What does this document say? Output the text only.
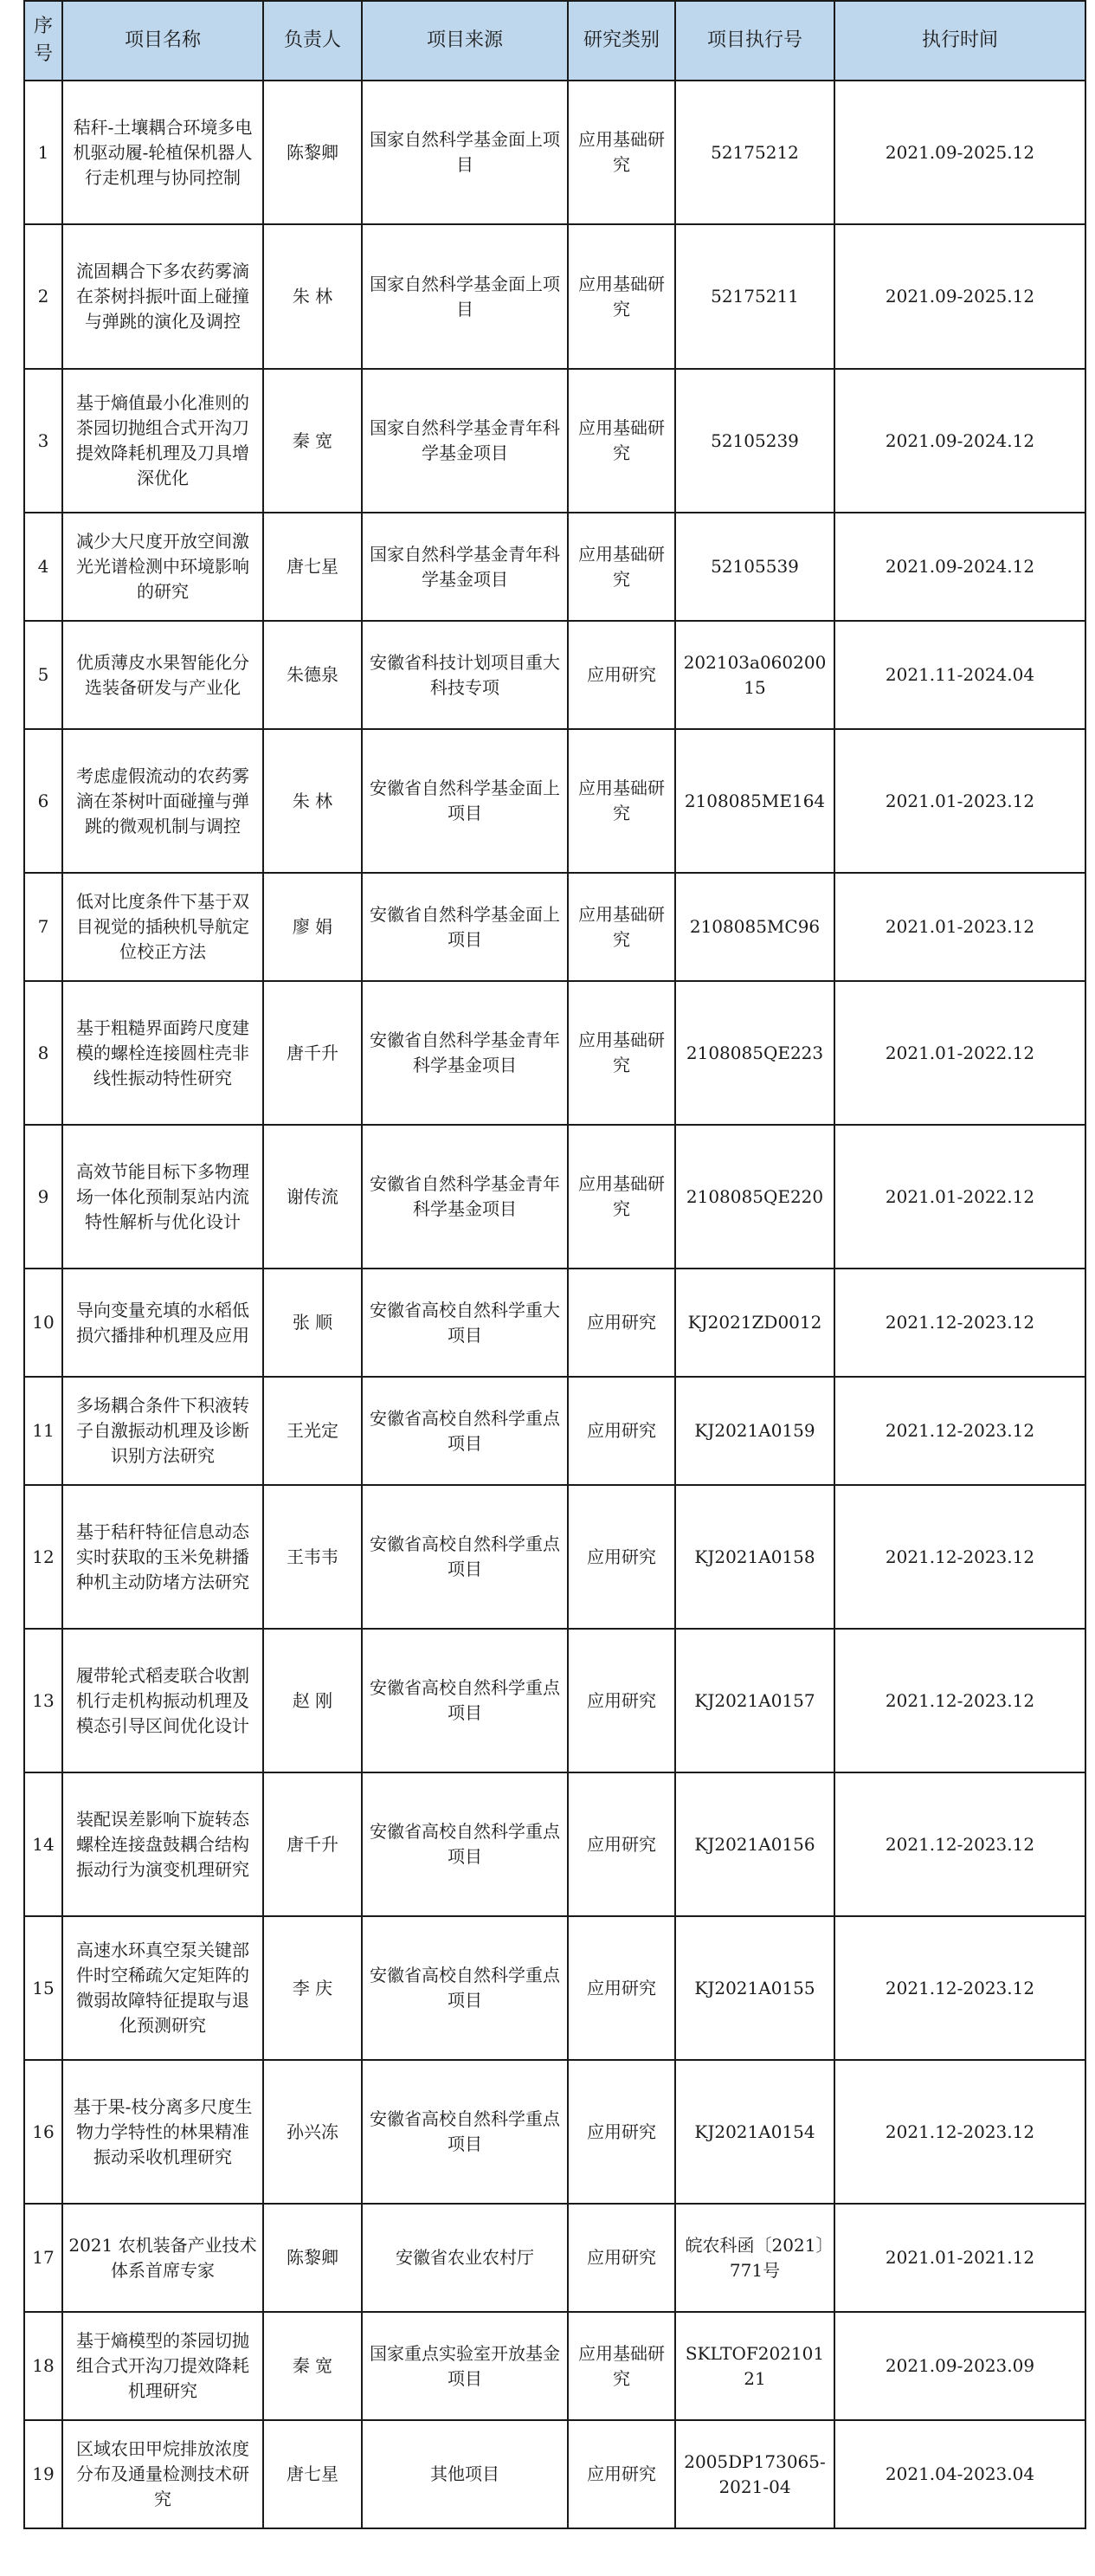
序号	项目名称	负责人	项目来源	研究类别	项目执行号	执行时间
1	秸秆-土壤耦合环境多电机驱动履-轮植保机器人行走机理与协同控制	陈黎卿	国家自然科学基金面上项目	应用基础研究	52175212	2021.09-2025.12
2	流固耦合下多农药雾滴在茶树抖振叶面上碰撞与弹跳的演化及调控	朱 林	国家自然科学基金面上项目	应用基础研究	52175211	2021.09-2025.12
3	基于熵值最小化准则的茶园切抛组合式开沟刀提效降耗机理及刀具增深优化	秦 宽	国家自然科学基金青年科学基金项目	应用基础研究	52105239	2021.09-2024.12
4	减少大尺度开放空间激光光谱检测中环境影响的研究	唐七星	国家自然科学基金青年科学基金项目	应用基础研究	52105539	2021.09-2024.12
5	优质薄皮水果智能化分选装备研发与产业化	朱德泉	安徽省科技计划项目重大科技专项	应用研究	202103a06020015	2021.11-2024.04
6	考虑虚假流动的农药雾滴在茶树叶面碰撞与弹跳的微观机制与调控	朱 林	安徽省自然科学基金面上项目	应用基础研究	2108085ME164	2021.01-2023.12
7	低对比度条件下基于双目视觉的插秧机导航定位校正方法	廖 娟	安徽省自然科学基金面上项目	应用基础研究	2108085MC96	2021.01-2023.12
8	基于粗糙界面跨尺度建模的螺栓连接圆柱壳非线性振动特性研究	唐千升	安徽省自然科学基金青年科学基金项目	应用基础研究	2108085QE223	2021.01-2022.12
9	高效节能目标下多物理场一体化预制泵站内流特性解析与优化设计	谢传流	安徽省自然科学基金青年科学基金项目	应用基础研究	2108085QE220	2021.01-2022.12
10	导向变量充填的水稻低损穴播排种机理及应用	张 顺	安徽省高校自然科学重大项目	应用研究	KJ2021ZD0012	2021.12-2023.12
11	多场耦合条件下积液转子自激振动机理及诊断识别方法研究	王光定	安徽省高校自然科学重点项目	应用研究	KJ2021A0159	2021.12-2023.12
12	基于秸秆特征信息动态实时获取的玉米免耕播种机主动防堵方法研究	王韦韦	安徽省高校自然科学重点项目	应用研究	KJ2021A0158	2021.12-2023.12
13	履带轮式稻麦联合收割机行走机构振动机理及模态引导区间优化设计	赵 刚	安徽省高校自然科学重点项目	应用研究	KJ2021A0157	2021.12-2023.12
14	装配误差影响下旋转态螺栓连接盘鼓耦合结构振动行为演变机理研究	唐千升	安徽省高校自然科学重点项目	应用研究	KJ2021A0156	2021.12-2023.12
15	高速水环真空泵关键部件时空稀疏欠定矩阵的微弱故障特征提取与退化预测研究	李 庆	安徽省高校自然科学重点项目	应用研究	KJ2021A0155	2021.12-2023.12
16	基于果-枝分离多尺度生物力学特性的林果精准振动采收机理研究	孙兴冻	安徽省高校自然科学重点项目	应用研究	KJ2021A0154	2021.12-2023.12
17	2021 农机装备产业技术体系首席专家	陈黎卿	安徽省农业农村厅	应用研究	皖农科函〔2021〕771号	2021.01-2021.12
18	基于熵模型的茶园切抛组合式开沟刀提效降耗机理研究	秦 宽	国家重点实验室开放基金项目	应用基础研究	SKLTOF20210121	2021.09-2023.09
19	区域农田甲烷排放浓度分布及通量检测技术研究	唐七星	其他项目	应用研究	2005DP173065-2021-04	2021.04-2023.04
